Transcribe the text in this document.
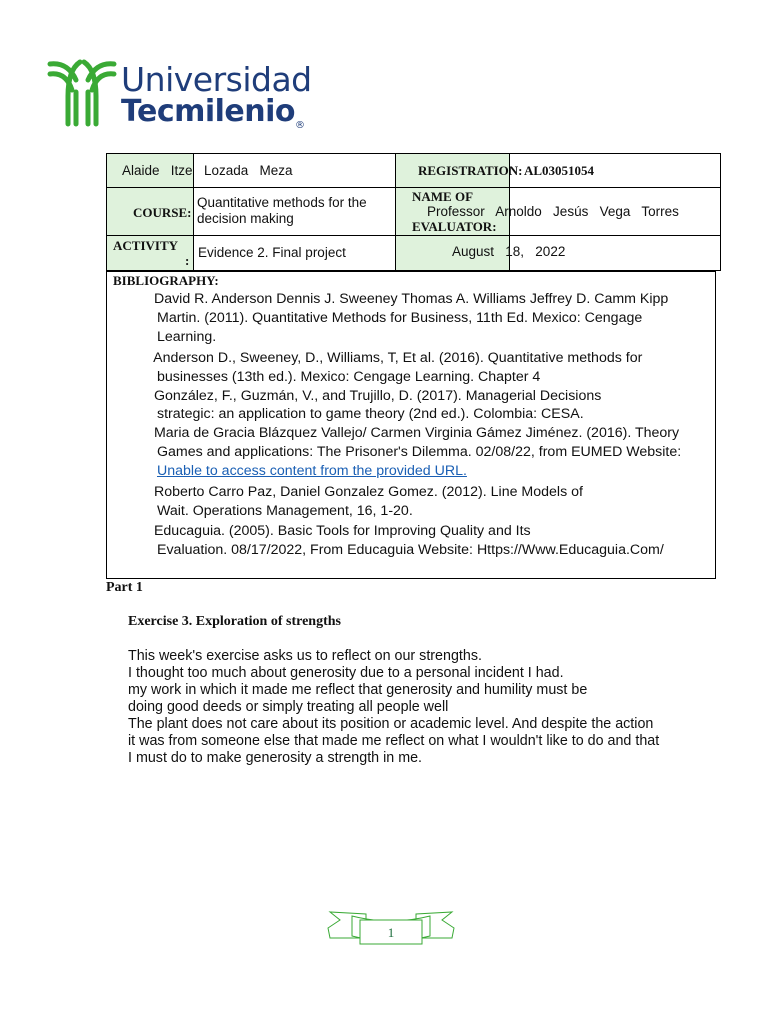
Universidad
Tecmilenio$_®$
Alaide   Itze Lozada   Meza	REGISTRATION: AL03051054
COURSE:
Quantitative methods for the decision making
NAME OF
EVALUATOR:
Professor   Arnoldo   Jesús   Vega   Torres
ACTIVITY
:
Evidence 2. Final project	August   18,   2022
BIBLIOGRAPHY:
David R. Anderson Dennis J. Sweeney Thomas A. Williams Jeffrey D. Camm Kipp
Martin. (2011). Quantitative Methods for Business, 11th Ed. Mexico: Cengage
Learning.
Anderson D., Sweeney, D., Williams, T, Et al. (2016). Quantitative methods for
businesses (13th ed.). Mexico: Cengage Learning. Chapter 4
González, F., Guzmán, V., and Trujillo, D. (2017). Managerial Decisions
strategic: an application to game theory (2nd ed.). Colombia: CESA.
Maria de Gracia Blázquez Vallejo/ Carmen Virginia Gámez Jiménez. (2016). Theory
Games and applications: The Prisoner's Dilemma. 02/08/22, from EUMED Website:
Unable to access content from the provided URL.
Roberto Carro Paz, Daniel Gonzalez Gomez. (2012). Line Models of
Wait. Operations Management, 16, 1-20.
Educaguia. (2005). Basic Tools for Improving Quality and Its
Evaluation. 08/17/2022, From Educaguia Website: Https://Www.Educaguia.Com/
Part 1
Exercise 3. Exploration of strengths
This week's exercise asks us to reflect on our strengths.
I thought too much about generosity due to a personal incident I had.
my work in which it made me reflect that generosity and humility must be
doing good deeds or simply treating all people well
The plant does not care about its position or academic level. And despite the action
it was from someone else that made me reflect on what I wouldn't like to do and that
I must do to make generosity a strength in me.
1
